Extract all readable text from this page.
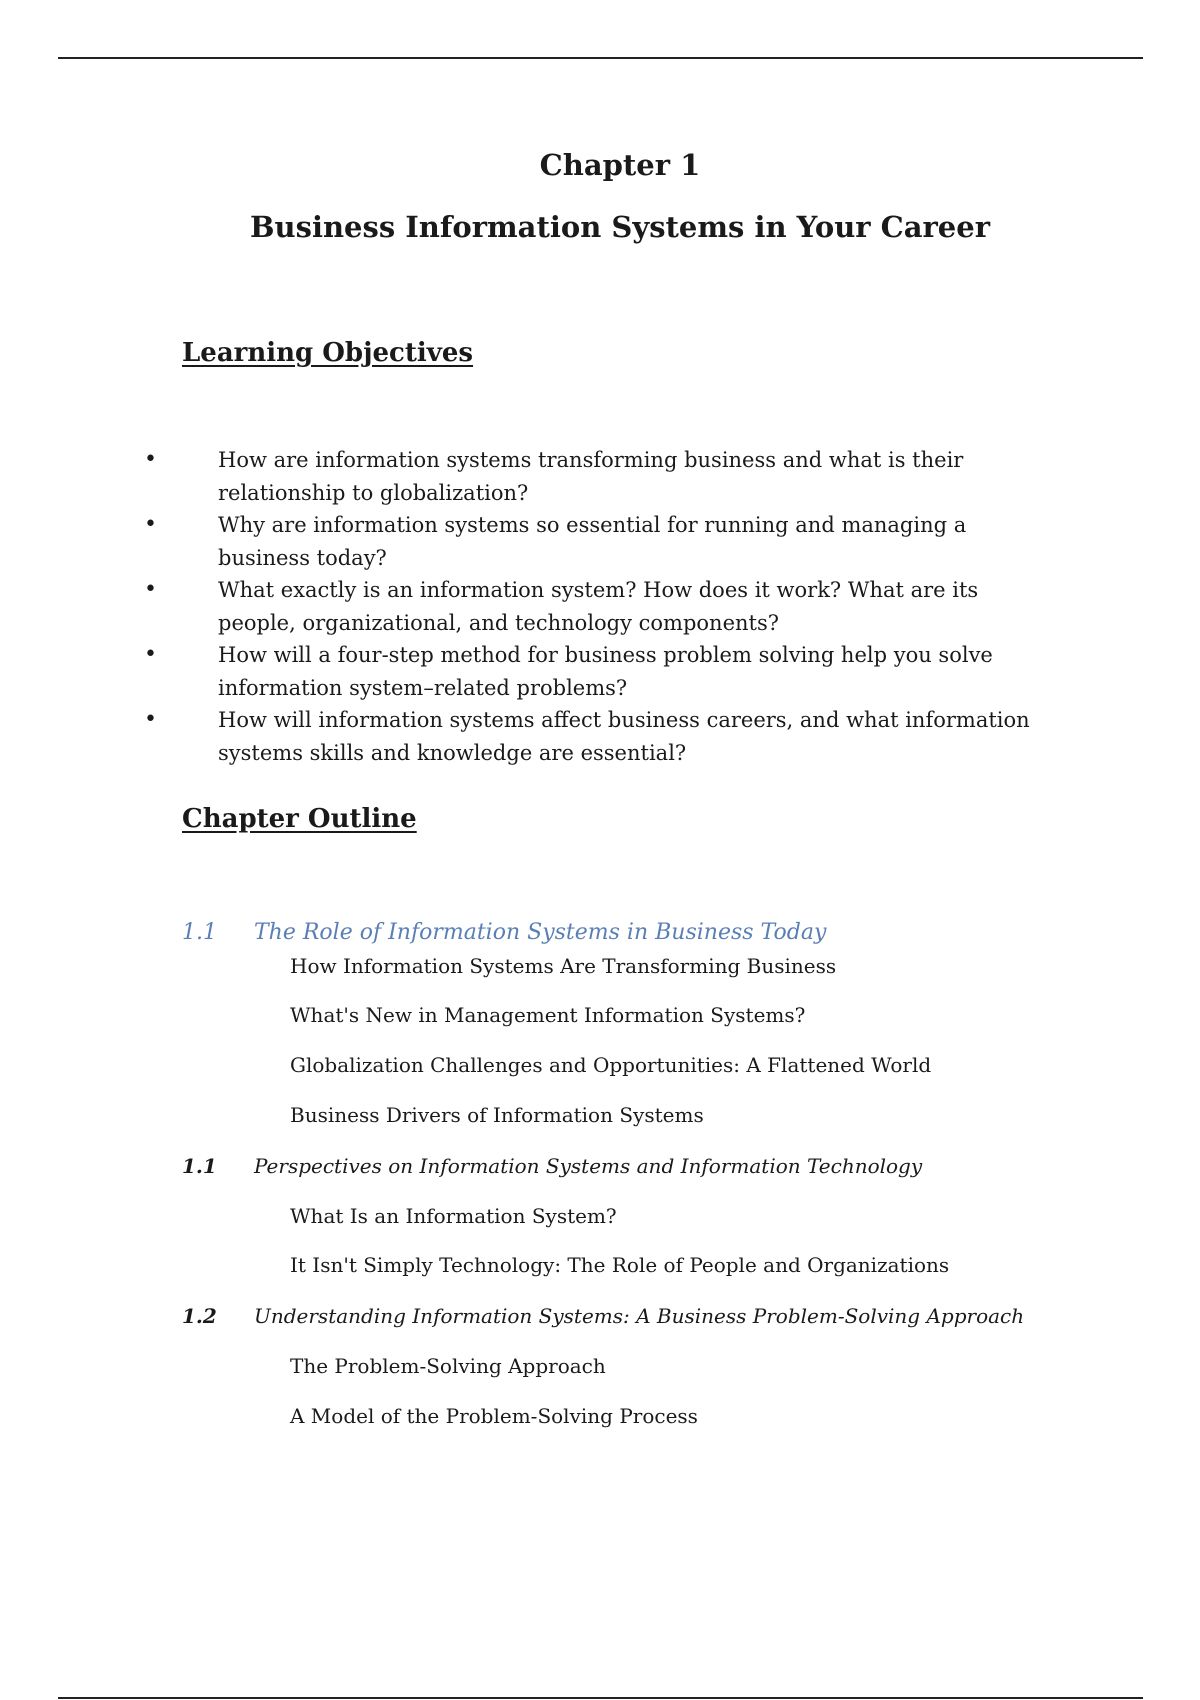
Chapter 1
Business Information Systems in Your Career
Learning Objectives
•	How are information systems transforming business and what is their relationship to globalization?
•	Why are information systems so essential for running and managing a business today?
•	What exactly is an information system? How does it work? What are its people, organizational, and technology components?
•	How will a four-step method for business problem solving help you solve information system–related problems?
•	How will information systems affect business careers, and what information systems skills and knowledge are essential?
Chapter Outline
1.1 The Role of Information Systems in Business Today
How Information Systems Are Transforming Business
What's New in Management Information Systems?
Globalization Challenges and Opportunities: A Flattened World
Business Drivers of Information Systems
1.1 Perspectives on Information Systems and Information Technology
What Is an Information System?
It Isn't Simply Technology: The Role of People and Organizations
1.2 Understanding Information Systems: A Business Problem-Solving Approach
The Problem-Solving Approach
A Model of the Problem-Solving Process
